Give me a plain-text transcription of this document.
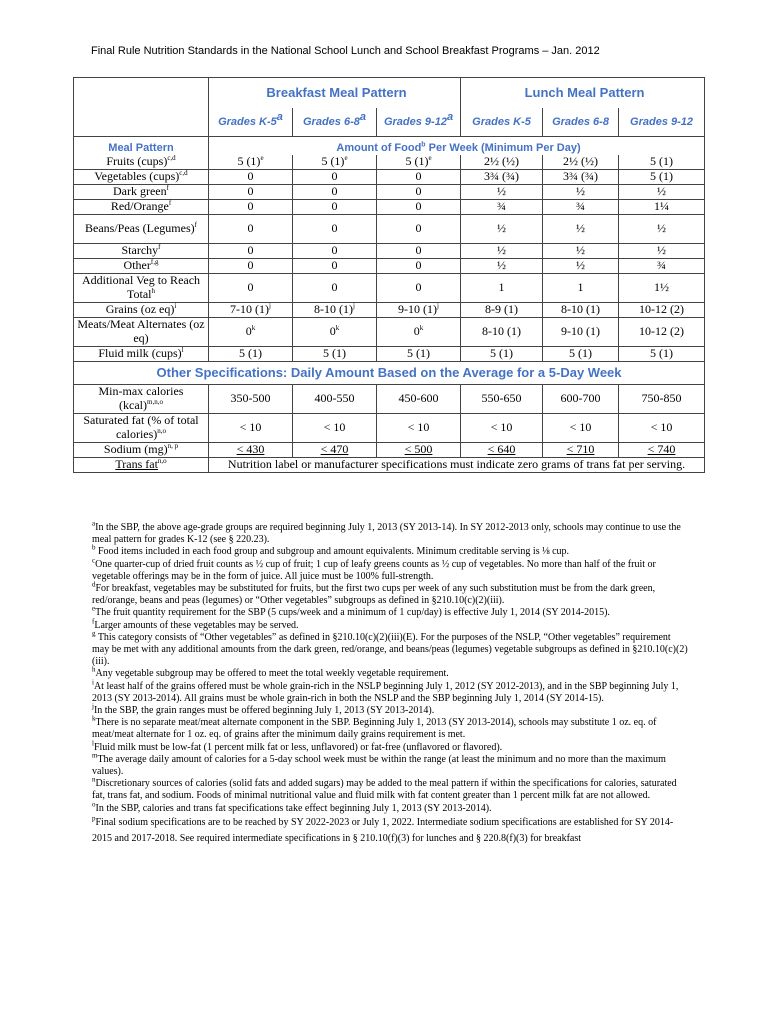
Final Rule Nutrition Standards in the National School Lunch and School Breakfast Programs – Jan. 2012
	Breakfast Meal Pattern			Lunch Meal Pattern		
	Grades K-5$^a$	Grades 6-8$^a$	Grades 9-12$^a$	Grades K-5	Grades 6-8	Grades 9-12
Meal Pattern	Amount of Food$^b$ Per Week (Minimum Per Day)					
Fruits (cups)$^{c,d}$	5 $(1)^e$	5 $(1)^e$	5 $(1)^e$	2½ (½)	2½ (½)	5 (1)
Vegetables (cups)$^{c,d}$	0	0	0	3¾ (¾)	3¾ (¾)	5 (1)
Dark green$^f$	0	0	0	½	½	½
Red/Orange$^f$	0	0	0	¾	¾	1¼
Beans/Peas (Legumes)$^f$	0	0	0	½	½	½
Starchy$^f$	0	0	0	½	½	½
Other$^{f,g}$	0	0	0	½	½	¾
Additional Veg to Reach Total$^h$	0	0	0	1	1	1½
Grains (oz eq)$^i$	7-10 $(1)^j$	8-10 $(1)^j$	9-10 $(1)^j$	8-9 (1)	8-10 (1)	10-12 (2)
Meats/Meat Alternates (oz eq)	0$^k$	0$^k$	0$^k$	8-10 (1)	9-10 (1)	10-12 (2)
Fluid milk (cups)$^l$	5 (1)	5 (1)	5 (1)	5 (1)	5 (1)	5 (1)
Other Specifications: Daily Amount Based on the Average for a 5-Day Week						
Min-max calories (kcal)$^{m,n,o}$	350-500	400-550	450-600	550-650	600-700	750-850
Saturated fat (% of total calories)$^{n,o}$	< 10	< 10	< 10	< 10	< 10	< 10
Sodium (mg)$^{n, p}$	< 430	< 470	< 500	< 640	< 710	< 740
Trans fat$^{n,o}$	Nutrition label or manufacturer specifications must indicate zero grams of trans fat per serving.					

$^a$In the SBP, the above age-grade groups are required beginning July 1, 2013 (SY 2013-14). In SY 2012-2013 only, schools may continue to use the meal pattern for grades K-12 (see § 220.23).

$^b$ Food items included in each food group and subgroup and amount equivalents. Minimum creditable serving is ⅛ cup.

$^c$One quarter-cup of dried fruit counts as ½ cup of fruit; 1 cup of leafy greens counts as ½ cup of vegetables. No more than half of the fruit or vegetable offerings may be in the form of juice. All juice must be 100% full-strength.

$^d$For breakfast, vegetables may be substituted for fruits, but the first two cups per week of any such substitution must be from the dark green, red/orange, beans and peas (legumes) or “Other vegetables” subgroups as defined in §210.10(c)(2)(iii).

$^e$The fruit quantity requirement for the SBP (5 cups/week and a minimum of 1 cup/day) is effective July 1, 2014 (SY 2014-2015).

$^f$Larger amounts of these vegetables may be served.

$^g$ This category consists of “Other vegetables” as defined in §210.10(c)(2)(iii)(E). For the purposes of the NSLP, “Other vegetables” requirement may be met with any additional amounts from the dark green, red/orange, and beans/peas (legumes) vegetable subgroups as defined in §210.10(c)(2)(iii).

$^h$Any vegetable subgroup may be offered to meet the total weekly vegetable requirement.

$^i$At least half of the grains offered must be whole grain-rich in the NSLP beginning July 1, 2012 (SY 2012-2013), and in the SBP beginning July 1, 2013 (SY 2013-2014). All grains must be whole grain-rich in both the NSLP and the SBP beginning July 1, 2014 (SY 2014-15).

$^j$In the SBP, the grain ranges must be offered beginning July 1, 2013 (SY 2013-2014).

$^k$There is no separate meat/meat alternate component in the SBP. Beginning July 1, 2013 (SY 2013-2014), schools may substitute 1 oz. eq. of meat/meat alternate for 1 oz. eq. of grains after the minimum daily grains requirement is met.

$^l$Fluid milk must be low-fat (1 percent milk fat or less, unflavored) or fat-free (unflavored or flavored).

$^m$The average daily amount of calories for a 5-day school week must be within the range (at least the minimum and no more than the maximum values).

$^n$Discretionary sources of calories (solid fats and added sugars) may be added to the meal pattern if within the specifications for calories, saturated fat, trans fat, and sodium. Foods of minimal nutritional value and fluid milk with fat content greater than 1 percent milk fat are not allowed.

$^o$In the SBP, calories and trans fat specifications take effect beginning July 1, 2013 (SY 2013-2014).

$^p$Final sodium specifications are to be reached by SY 2022-2023 or July 1, 2022. Intermediate sodium specifications are established for SY 2014-2015 and 2017-2018. See required intermediate specifications in § 210.10(f)(3) for lunches and § 220.8(f)(3) for breakfast
